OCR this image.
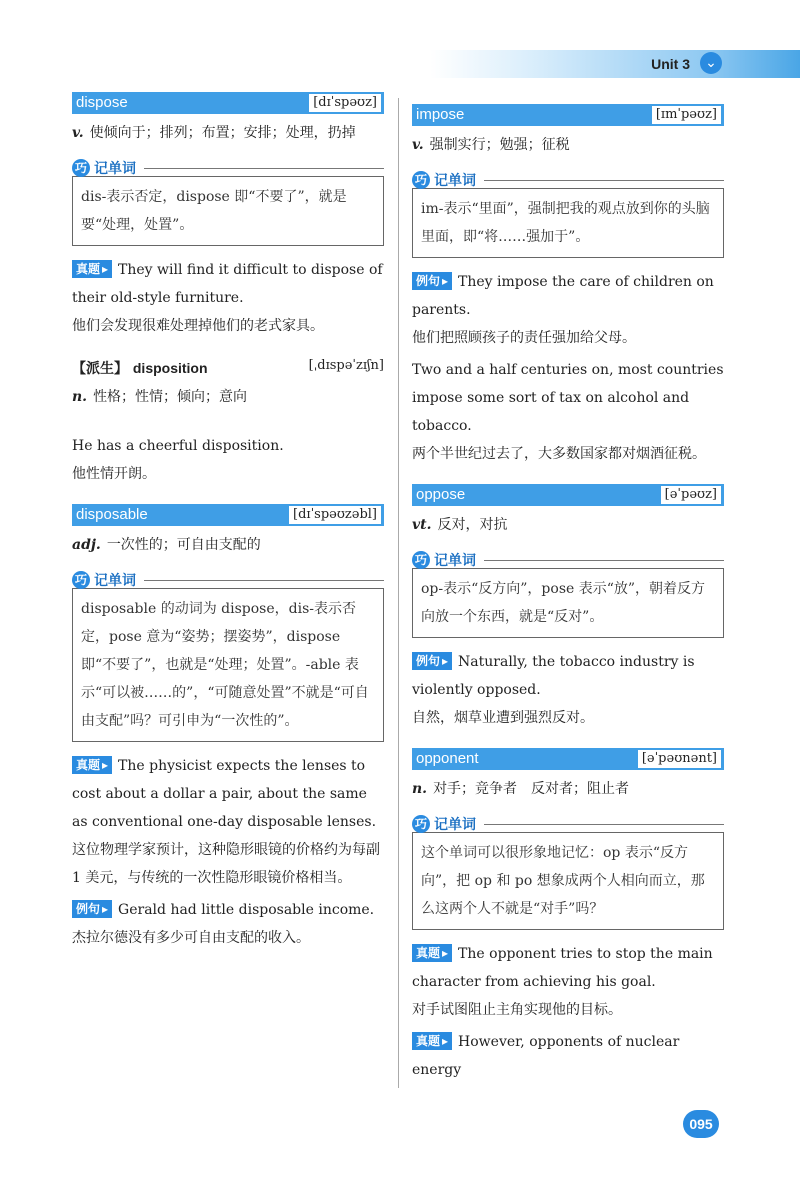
Unit 3	⌄
dispose	[dɪˈspəʊz]
v. 使倾向于；排列；布置；安排；处理，扔掉
巧 记单词
dis-表示否定，dispose 即“不要了”，就是要“处理，处置”。
真题 ▸ They will find it difficult to dispose of their old-style furniture.
他们会发现很难处理掉他们的老式家具。
【派生】 disposition	[ˌdɪspəˈzɪʃn]
n. 性格；性情；倾向；意向
He has a cheerful disposition.
他性情开朗。
disposable	[dɪˈspəʊzəbl]
adj. 一次性的；可自由支配的
巧 记单词
disposable 的动词为 dispose，dis-表示否定，pose 意为“姿势；摆姿势”，dispose 即“不要了”，也就是“处理；处置”。-able 表示“可以被……的”，“可随意处置”不就是“可自由支配”吗？可引申为“一次性的”。
真题 ▸ The physicist expects the lenses to cost about a dollar a pair, about the same as conventional one-day disposable lenses.
这位物理学家预计，这种隐形眼镜的价格约为每副 1 美元，与传统的一次性隐形眼镜价格相当。
例句 ▸ Gerald had little disposable income.
杰拉尔德没有多少可自由支配的收入。
impose	[ɪmˈpəʊz]
v. 强制实行；勉强；征税
巧 记单词
im-表示“里面”，强制把我的观点放到你的头脑里面，即“将……强加于”。
例句 ▸ They impose the care of children on parents.
他们把照顾孩子的责任强加给父母。
Two and a half centuries on, most countries impose some sort of tax on alcohol and tobacco.
两个半世纪过去了，大多数国家都对烟酒征税。
oppose	[əˈpəʊz]
vt. 反对，对抗
巧 记单词
op-表示“反方向”，pose 表示“放”，朝着反方向放一个东西，就是“反对”。
例句 ▸ Naturally, the tobacco industry is violently opposed.
自然，烟草业遭到强烈反对。
opponent	[əˈpəʊnənt]
n. 对手；竞争者　反对者；阻止者
巧 记单词
这个单词可以很形象地记忆：op 表示“反方向”，把 op 和 po 想象成两个人相向而立，那么这两个人不就是“对手”吗？
真题 ▸ The opponent tries to stop the main character from achieving his goal.
对手试图阻止主角实现他的目标。
真题 ▸ However, opponents of nuclear energy
095
